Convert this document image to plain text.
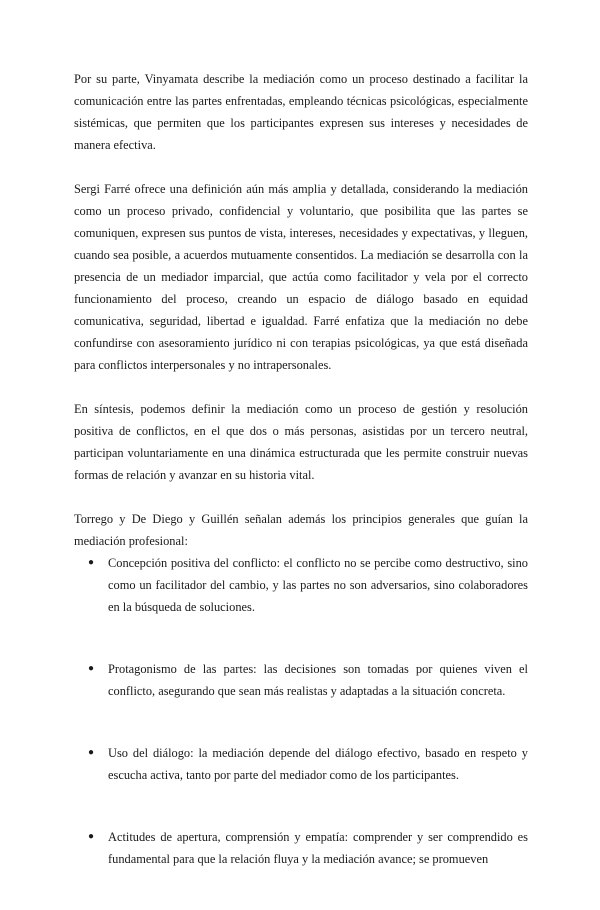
Por su parte, Vinyamata describe la mediación como un proceso destinado a facilitar la comunicación entre las partes enfrentadas, empleando técnicas psicológicas, especialmente sistémicas, que permiten que los participantes expresen sus intereses y necesidades de manera efectiva.

Sergi Farré ofrece una definición aún más amplia y detallada, considerando la mediación como un proceso privado, confidencial y voluntario, que posibilita que las partes se comuniquen, expresen sus puntos de vista, intereses, necesidades y expectativas, y lleguen, cuando sea posible, a acuerdos mutuamente consentidos. La mediación se desarrolla con la presencia de un mediador imparcial, que actúa como facilitador y vela por el correcto funcionamiento del proceso, creando un espacio de diálogo basado en equidad comunicativa, seguridad, libertad e igualdad. Farré enfatiza que la mediación no debe confundirse con asesoramiento jurídico ni con terapias psicológicas, ya que está diseñada para conflictos interpersonales y no intrapersonales.

En síntesis, podemos definir la mediación como un proceso de gestión y resolución positiva de conflictos, en el que dos o más personas, asistidas por un tercero neutral, participan voluntariamente en una dinámica estructurada que les permite construir nuevas formas de relación y avanzar en su historia vital.

Torrego y De Diego y Guillén señalan además los principios generales que guían la mediación profesional:

● Concepción positiva del conflicto: el conflicto no se percibe como destructivo, sino como un facilitador del cambio, y las partes no son adversarios, sino colaboradores en la búsqueda de soluciones.
● Protagonismo de las partes: las decisiones son tomadas por quienes viven el conflicto, asegurando que sean más realistas y adaptadas a la situación concreta.
● Uso del diálogo: la mediación depende del diálogo efectivo, basado en respeto y escucha activa, tanto por parte del mediador como de los participantes.
● Actitudes de apertura, comprensión y empatía: comprender y ser comprendido es fundamental para que la relación fluya y la mediación avance; se promueven
